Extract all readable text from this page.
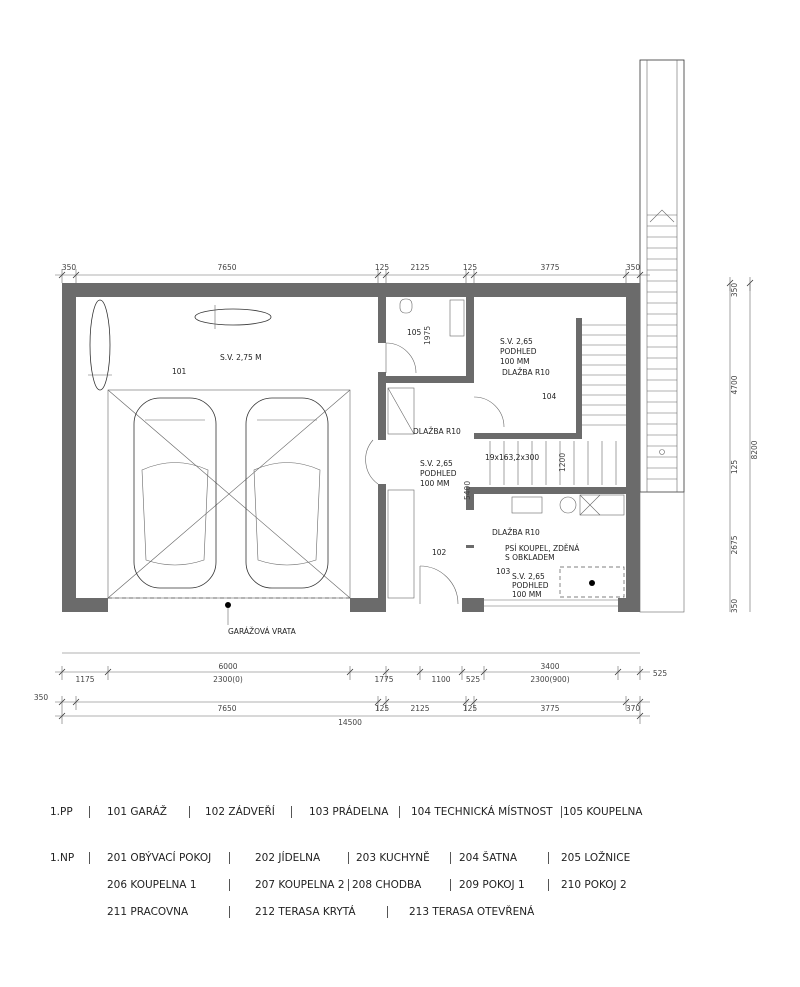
S.V. 2,75 M
101
105 1975	S.V. 2,65
PODHLED
100 MM
DLAŽBA R10
104
DLAŽBA R10
S.V. 2,65
PODHLED
100 MM
102
19x163,2x300	1200
5400
DLAŽBA R10
PSÍ KOUPEL, ZDĚNÁ
S OBKLADEM
103
S.V. 2,65
PODHLED
100 MM
GARÁŽOVÁ VRATA
350	7650	125	2125	125	3775	350
350
7650	125	2125	125	3775	370
14500
6000	3400
525
1175	2300(0)	1775	1100 525	2300(900)
350
4700
125
2675
350
8200
1.PP	101 GARÁŽ	102 ZÁDVEŘÍ	103 PRÁDELNA 104 TECHNICKÁ MÍSTNOST 105 KOUPELNA
1.NP	201 OBÝVACÍ POKOJ	202 JÍDELNA	203 KUCHYNĚ	204 ŠATNA	205 LOŽNICE
206 KOUPELNA 1	207 KOUPELNA 2 208 CHODBA	209 POKOJ 1	210 POKOJ 2
211 PRACOVNA	212 TERASA KRYTÁ	213 TERASA OTEVŘENÁ
